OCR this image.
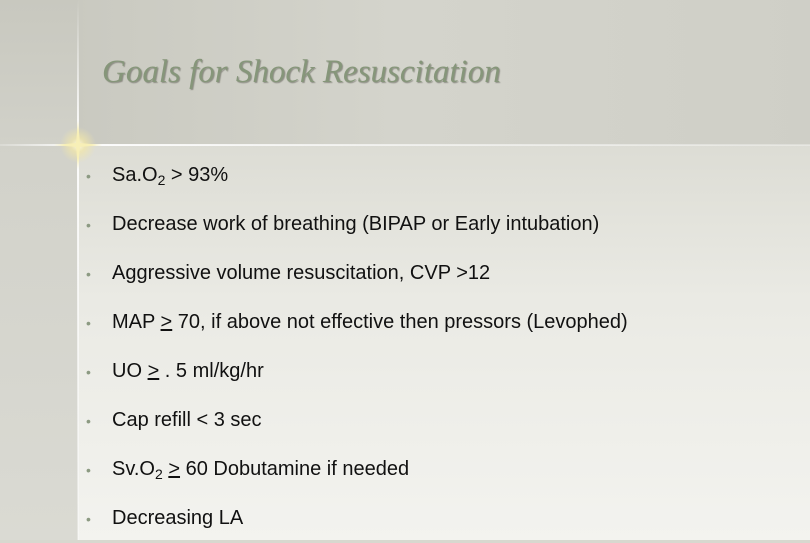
Goals for Shock Resuscitation
•	$Sa.O_2 > 93\%$
•	Decrease work of breathing (BIPAP or Early intubation)
•	Aggressive volume resuscitation, CVP >12
•	MAP > 70, if above not effective then pressors (Levophed)
•	UO > . 5 ml/kg/hr
•	Cap refill < 3 sec
•	$Sv.O_2 > 60$ Dobutamine if needed
•	Decreasing LA
